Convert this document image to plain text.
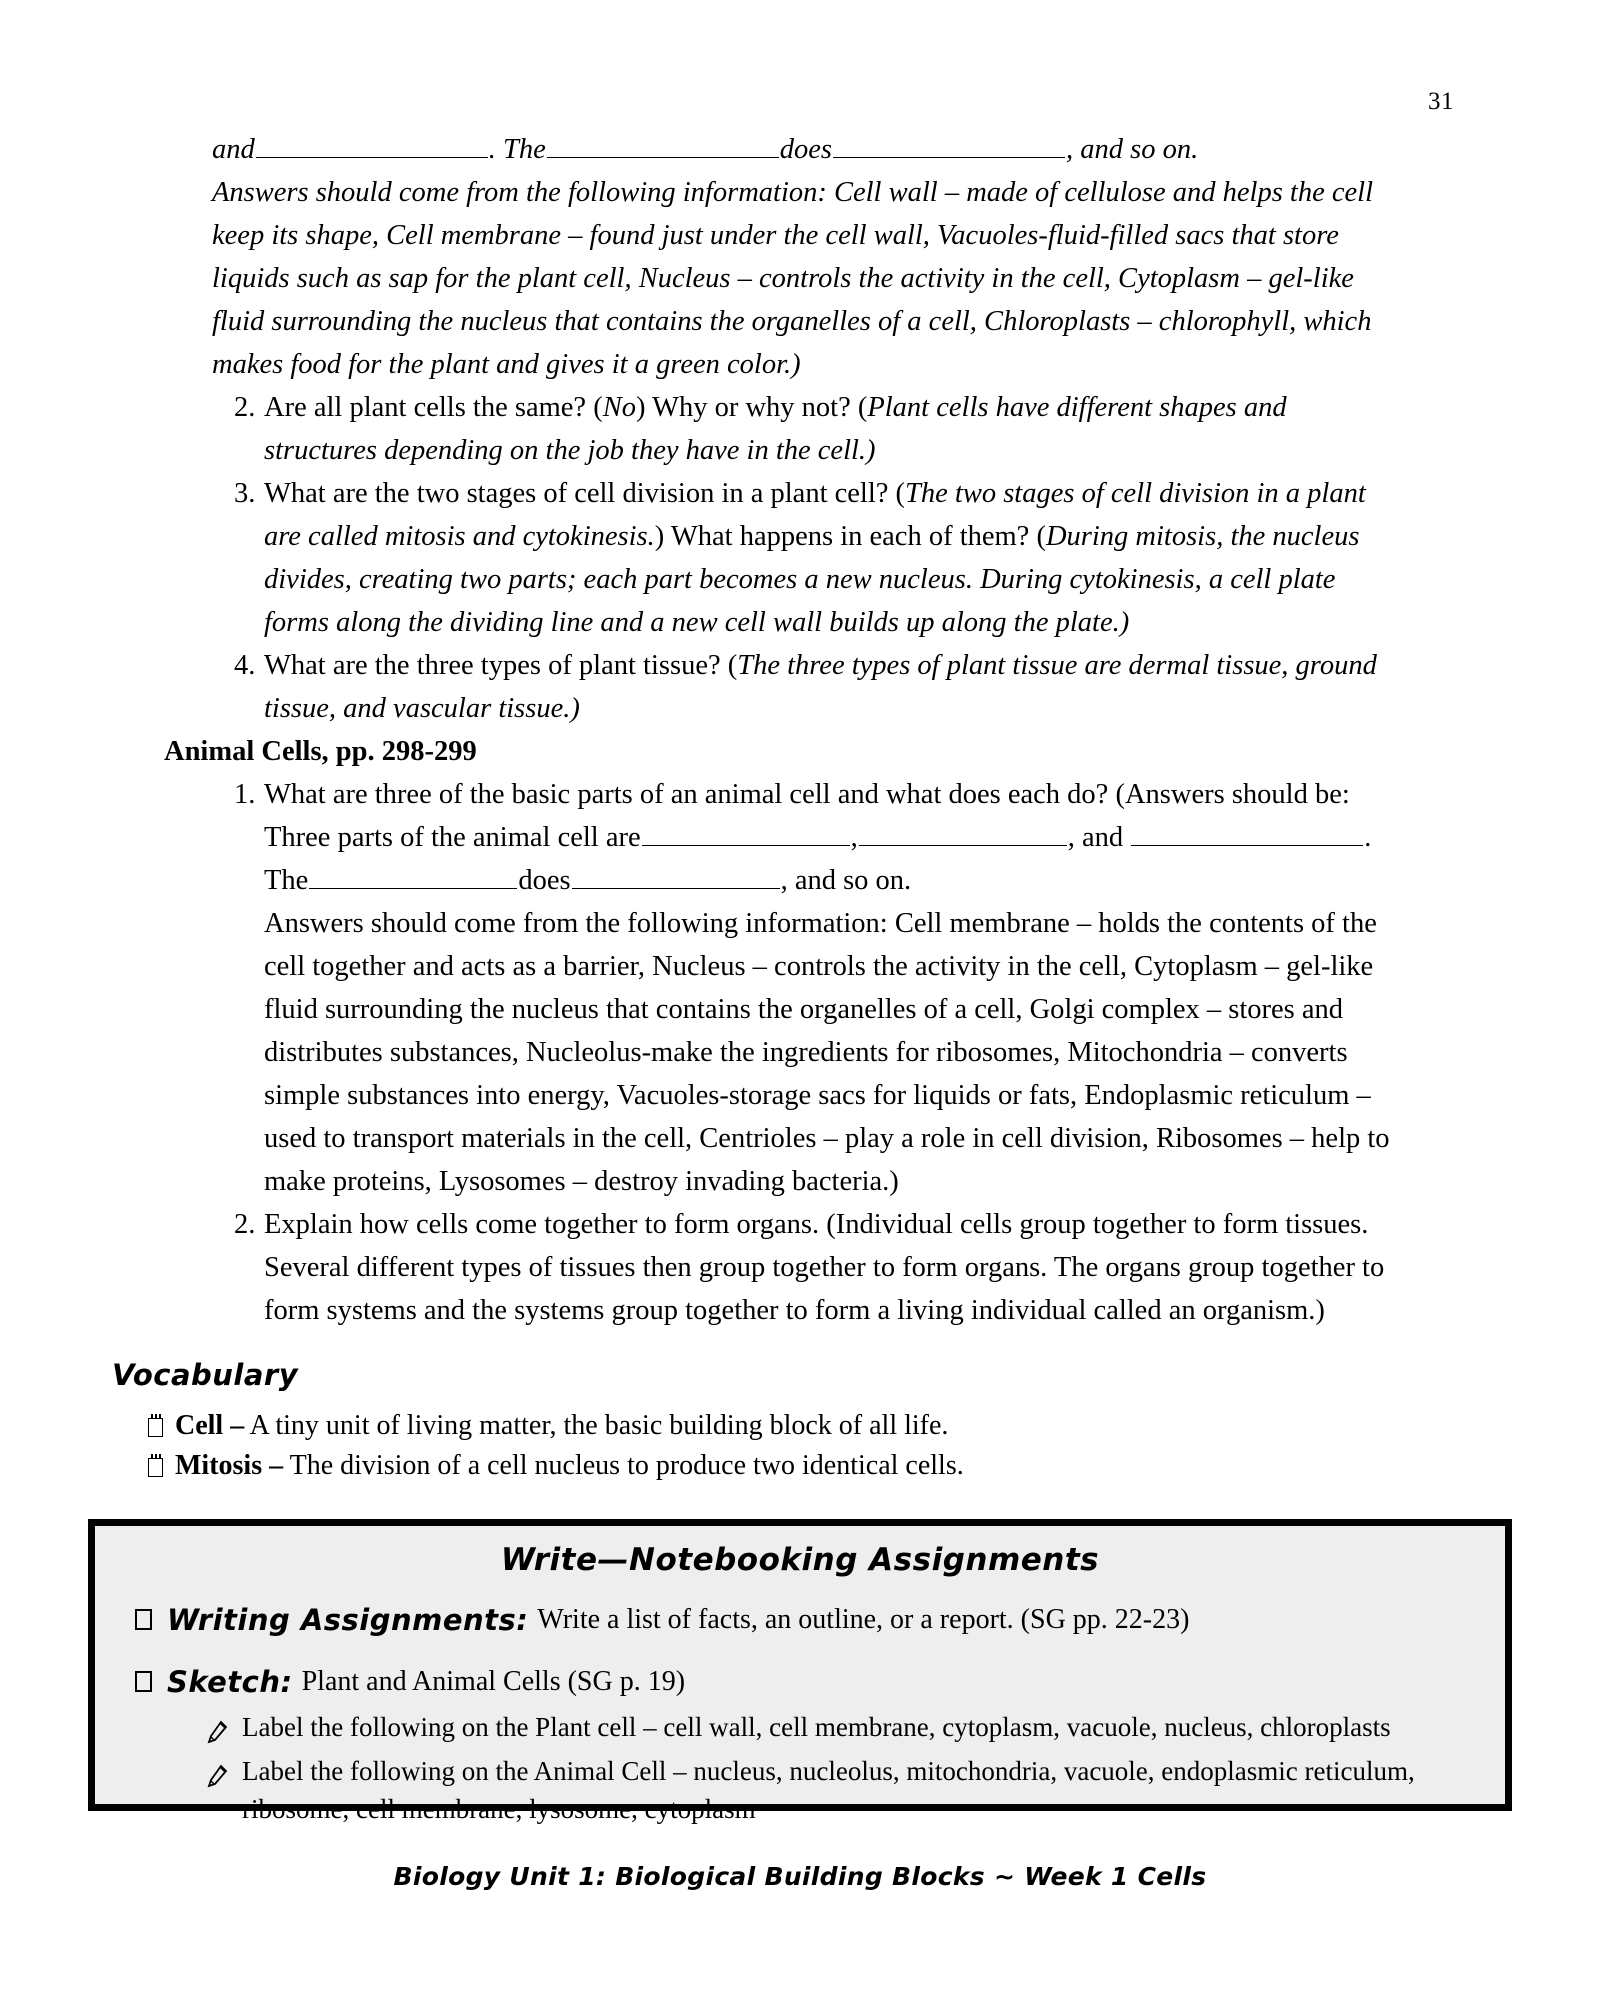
31
and	. The	does	, and so on.
Answers should come from the following information: Cell wall – made of cellulose and helps the cell keep its shape, Cell membrane – found just under the cell wall, Vacuoles-fluid-filled sacs that store liquids such as sap for the plant cell, Nucleus – controls the activity in the cell, Cytoplasm – gel-like fluid surrounding the nucleus that contains the organelles of a cell, Chloroplasts – chlorophyll, which makes food for the plant and gives it a green color.)
2. Are all plant cells the same? (No) Why or why not? (Plant cells have different shapes and structures depending on the job they have in the cell.)
3. What are the two stages of cell division in a plant cell? (The two stages of cell division in a plant are called mitosis and cytokinesis.) What happens in each of them? (During mitosis, the nucleus divides, creating two parts; each part becomes a new nucleus. During cytokinesis, a cell plate forms along the dividing line and a new cell wall builds up along the plate.)
4. What are the three types of plant tissue? (The three types of plant tissue are dermal tissue, ground tissue, and vascular tissue.)
Animal Cells, pp. 298-299
1. What are three of the basic parts of an animal cell and what does each do? (Answers should be: Three parts of the animal cell are	,	, and	. The	does	, and so on.
Answers should come from the following information: Cell membrane – holds the contents of the cell together and acts as a barrier, Nucleus – controls the activity in the cell, Cytoplasm – gel-like fluid surrounding the nucleus that contains the organelles of a cell, Golgi complex – stores and distributes substances, Nucleolus-make the ingredients for ribosomes, Mitochondria – converts simple substances into energy, Vacuoles-storage sacs for liquids or fats, Endoplasmic reticulum – used to transport materials in the cell, Centrioles – play a role in cell division, Ribosomes – help to make proteins, Lysosomes – destroy invading bacteria.)
2. Explain how cells come together to form organs. (Individual cells group together to form tissues. Several different types of tissues then group together to form organs. The organs group together to form systems and the systems group together to form a living individual called an organism.)
Vocabulary
Cell – A tiny unit of living matter, the basic building block of all life.
Mitosis – The division of a cell nucleus to produce two identical cells.
Write—Notebooking Assignments
Writing Assignments: Write a list of facts, an outline, or a report. (SG pp. 22-23)
Sketch: Plant and Animal Cells (SG p. 19)
Label the following on the Plant cell – cell wall, cell membrane, cytoplasm, vacuole, nucleus, chloroplasts
Label the following on the Animal Cell – nucleus, nucleolus, mitochondria, vacuole, endoplasmic reticulum, ribosome, cell membrane, lysosome, cytoplasm
Biology Unit 1: Biological Building Blocks ~ Week 1 Cells
